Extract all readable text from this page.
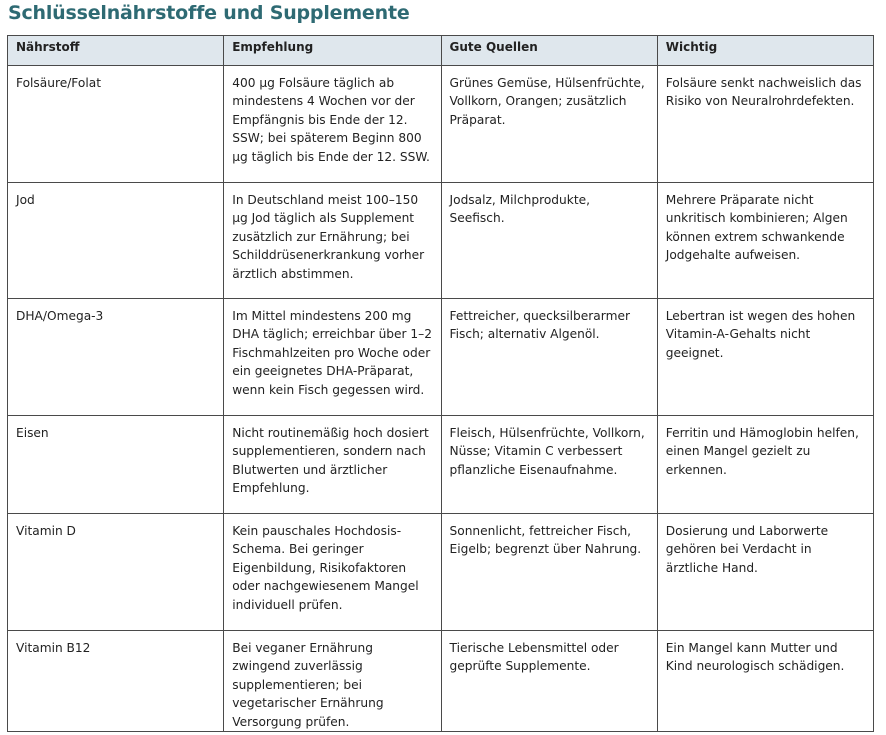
Schlüsselnährstoffe und Supplemente
Nährstoff	Empfehlung	Gute Quellen	Wichtig
Folsäure/Folat	400 µg Folsäure täglich ab mindestens 4 Wochen vor der Empfängnis bis Ende der 12. SSW; bei späterem Beginn 800 µg täglich bis Ende der 12. SSW.	Grünes Gemüse, Hülsenfrüchte, Vollkorn, Orangen; zusätzlich Präparat.	Folsäure senkt nachweislich das Risiko von Neuralrohrdefekten.
Jod	In Deutschland meist 100–150 µg Jod täglich als Supplement zusätzlich zur Ernährung; bei Schilddrüsenerkrankung vorher ärztlich abstimmen.	Jodsalz, Milchprodukte, Seefisch.	Mehrere Präparate nicht unkritisch kombinieren; Algen können extrem schwankende Jodgehalte aufweisen.
DHA/Omega-3	Im Mittel mindestens 200 mg DHA täglich; erreichbar über 1–2 Fischmahlzeiten pro Woche oder ein geeignetes DHA-Präparat, wenn kein Fisch gegessen wird.	Fettreicher, quecksilberarmer Fisch; alternativ Algenöl.	Lebertran ist wegen des hohen Vitamin-A-Gehalts nicht geeignet.
Eisen	Nicht routinemäßig hoch dosiert supplementieren, sondern nach Blutwerten und ärztlicher Empfehlung.	Fleisch, Hülsenfrüchte, Vollkorn, Nüsse; Vitamin C verbessert pflanzliche Eisenaufnahme.	Ferritin und Hämoglobin helfen, einen Mangel gezielt zu erkennen.
Vitamin D	Kein pauschales Hochdosis-Schema. Bei geringer Eigenbildung, Risikofaktoren oder nachgewiesenem Mangel individuell prüfen.	Sonnenlicht, fettreicher Fisch, Eigelb; begrenzt über Nahrung.	Dosierung und Laborwerte gehören bei Verdacht in ärztliche Hand.
Vitamin B12	Bei veganer Ernährung zwingend zuverlässig supplementieren; bei vegetarischer Ernährung Versorgung prüfen.	Tierische Lebensmittel oder geprüfte Supplemente.	Ein Mangel kann Mutter und Kind neurologisch schädigen.
